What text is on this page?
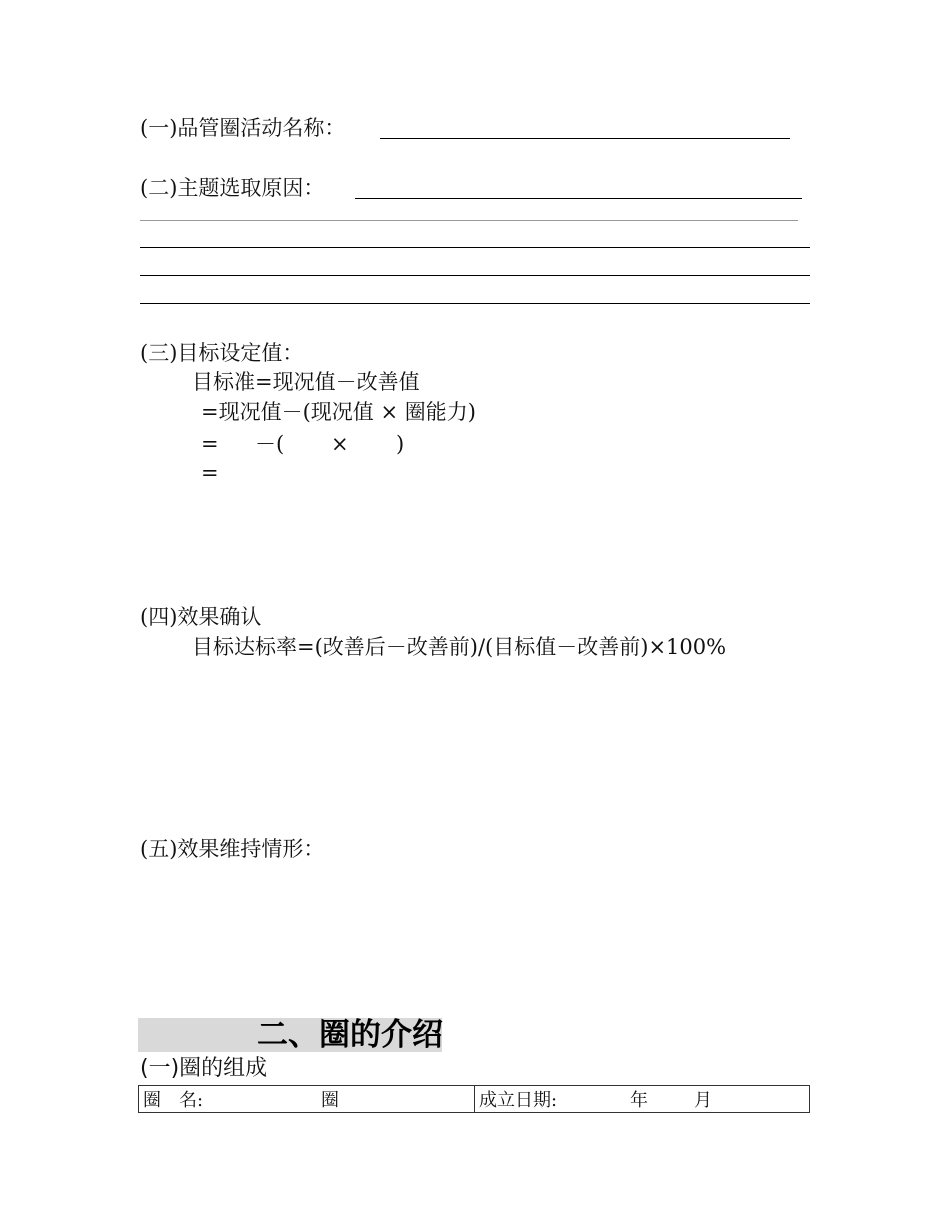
(一)品管圈活动名称：
(二)主题选取原因：
(三)目标设定值：
目标准=现况值－改善值
=现况值－(现况值 × 圈能力)
= －( × )
=
(四)效果确认
目标达标率=(改善后－改善前)/(目标值－改善前)×100%
(五)效果维持情形：
二、圈的介绍
(一)圈的组成
圈　名:	圈	成立日期:	年	月
